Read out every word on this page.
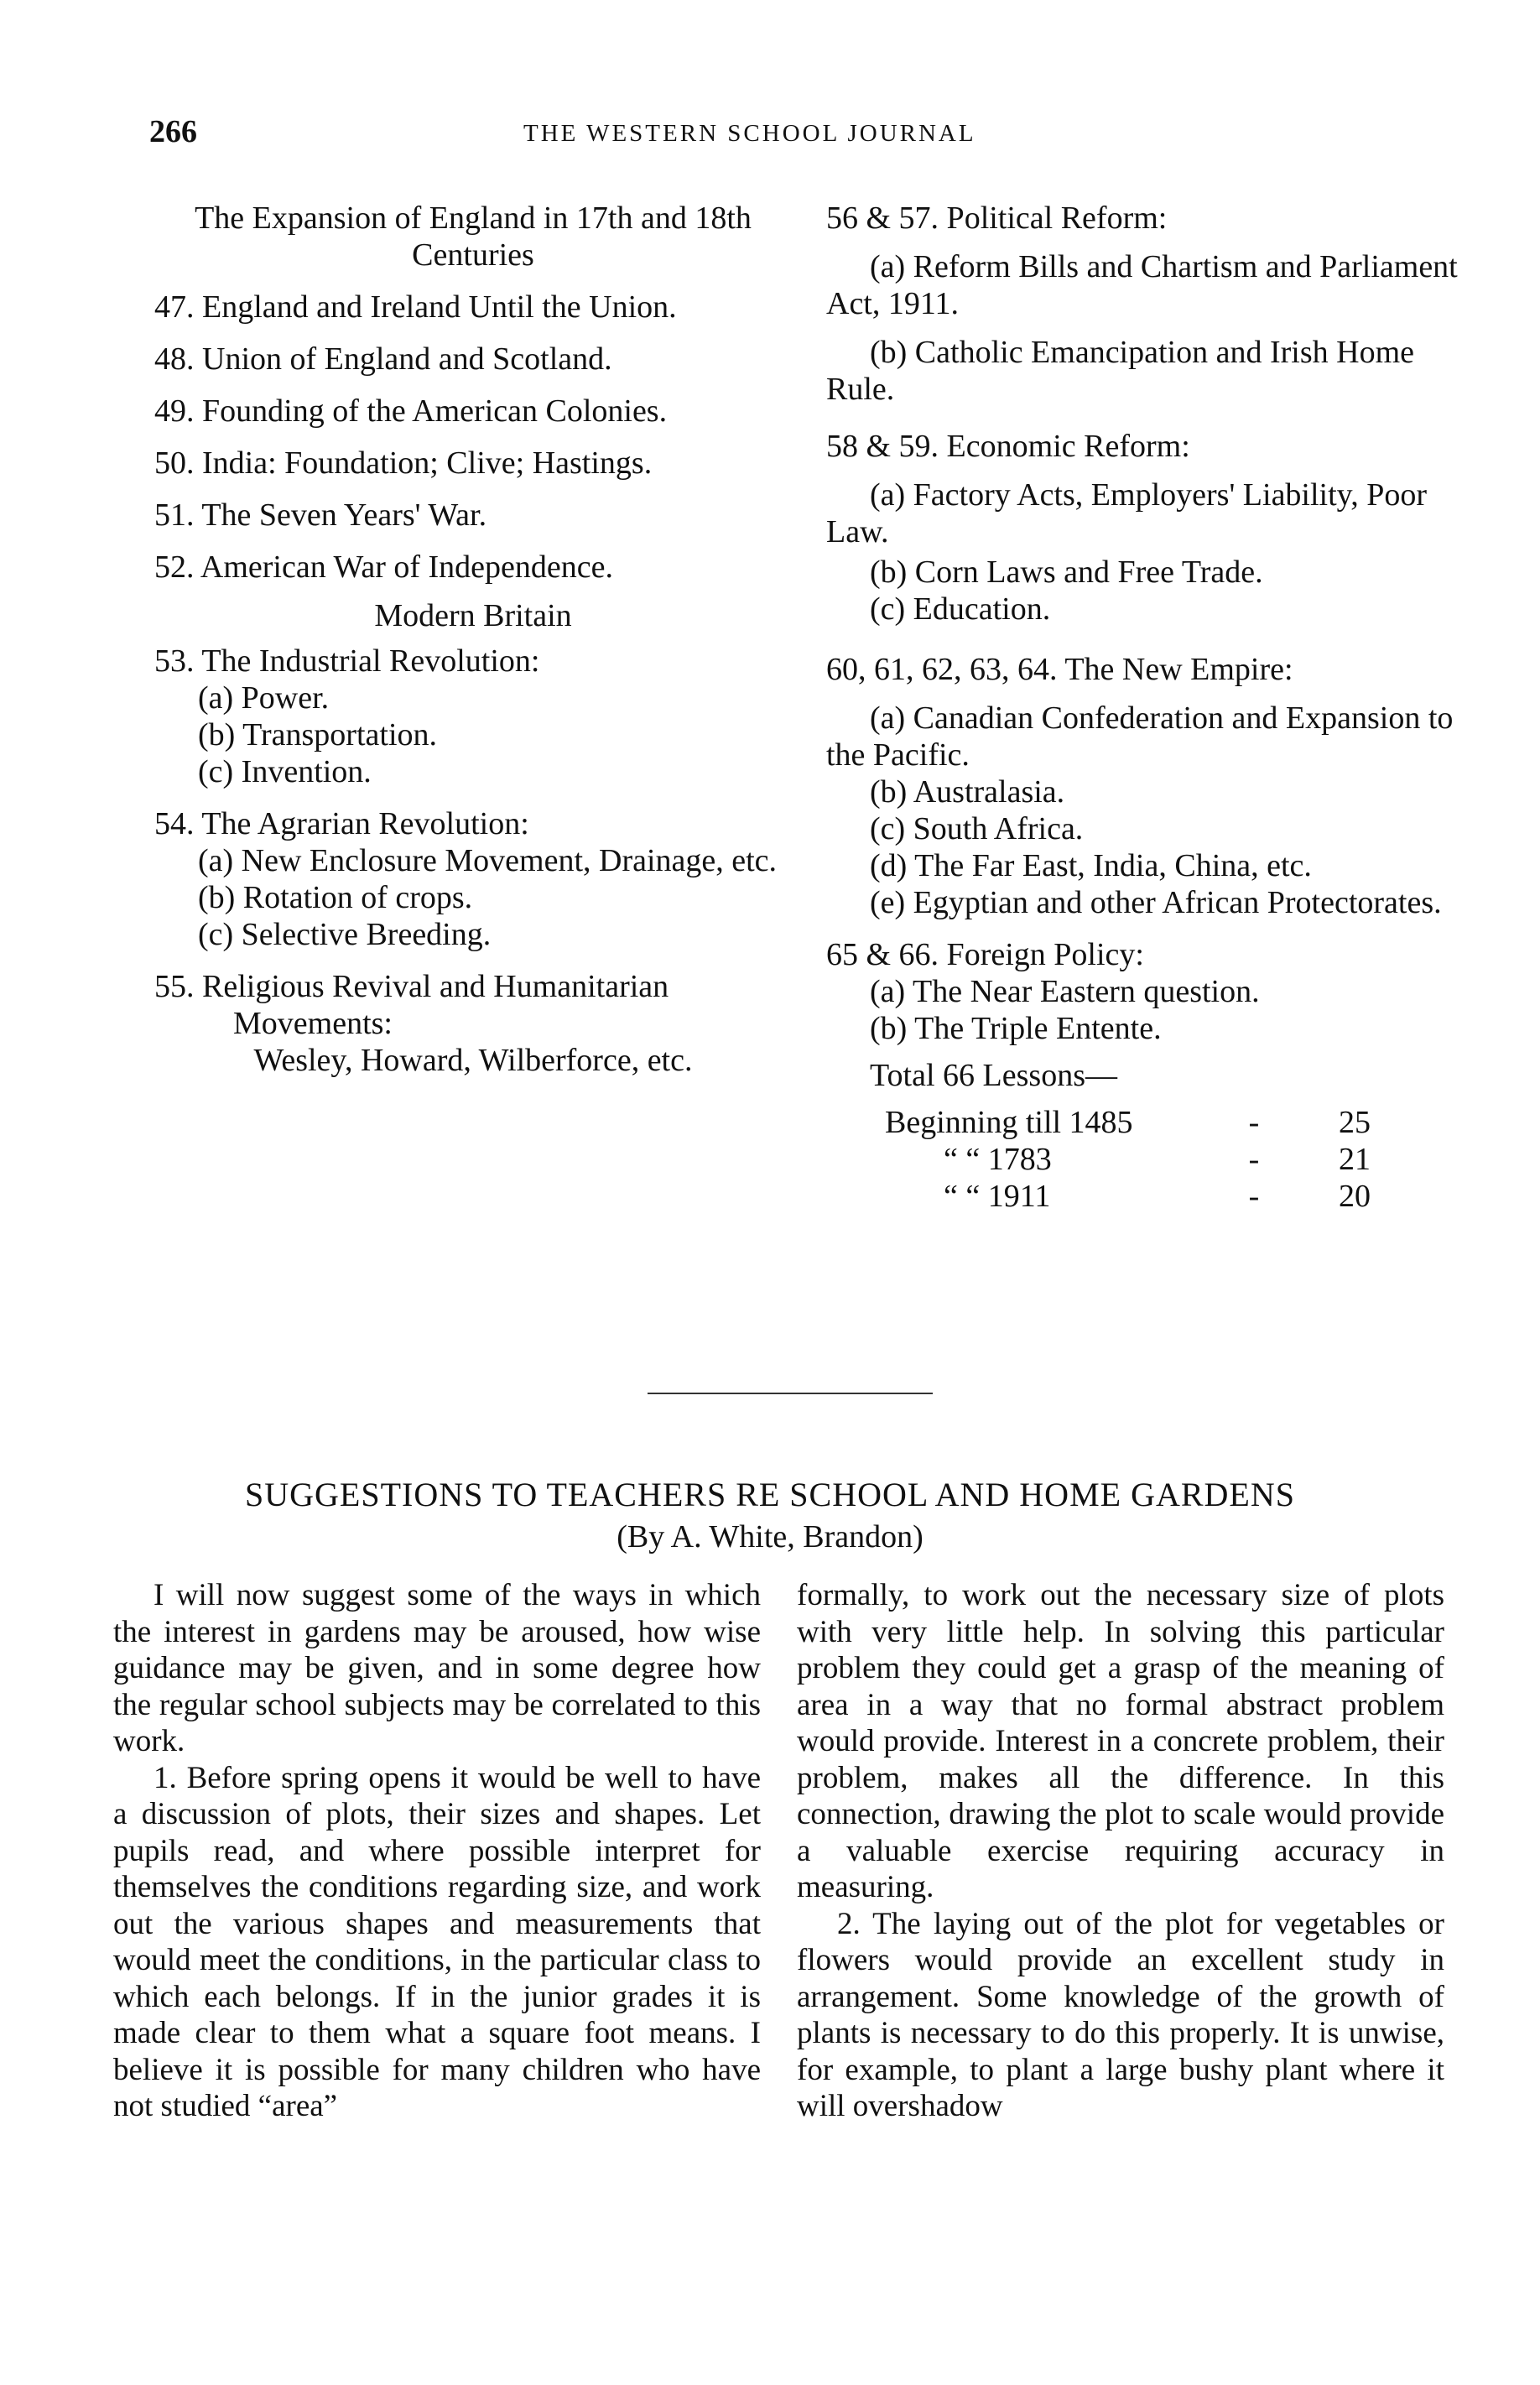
266	THE WESTERN SCHOOL JOURNAL

The Expansion of England in 17th and 18th Centuries

47. England and Ireland Until the Union.

48. Union of England and Scotland.

49. Founding of the American Colonies.

50. India: Foundation; Clive; Hastings.

51. The Seven Years' War.

52. American War of Independence.

Modern Britain

53. The Industrial Revolution:

(a) Power.

(b) Transportation.

(c) Invention.

54. The Agrarian Revolution:

(a) New Enclosure Movement, Drainage, etc.

(b) Rotation of crops.

(c) Selective Breeding.

55. Religious Revival and Humanitarian Movements:

Wesley, Howard, Wilberforce, etc.

56 & 57. Political Reform:

(a) Reform Bills and Chartism and Parliament Act, 1911.

(b) Catholic Emancipation and Irish Home Rule.

58 & 59. Economic Reform:

(a) Factory Acts, Employers' Liability, Poor Law.

(b) Corn Laws and Free Trade.

(c) Education.

60, 61, 62, 63, 64. The New Empire:

(a) Canadian Confederation and Expansion to the Pacific.

(b) Australasia.

(c) South Africa.

(d) The Far East, India, China, etc.

(e) Egyptian and other African Protectorates.

65 & 66. Foreign Policy:

(a) The Near Eastern question.

(b) The Triple Entente.

Total 66 Lessons—

Beginning till 1485	-	25
“ “ 1783	-	21
“ “ 1911	-	20
SUGGESTIONS TO TEACHERS RE SCHOOL AND HOME GARDENS
(By A. White, Brandon)

I will now suggest some of the ways in which the interest in gardens may be aroused, how wise guidance may be given, and in some degree how the regular school subjects may be correlated to this work.

1. Before spring opens it would be well to have a discussion of plots, their sizes and shapes. Let pupils read, and where possible interpret for themselves the conditions regarding size, and work out the various shapes and measurements that would meet the conditions, in the particular class to which each belongs. If in the junior grades it is made clear to them what a square foot means. I believe it is possible for many children who have not studied “area”

formally, to work out the necessary size of plots with very little help. In solving this particular problem they could get a grasp of the meaning of area in a way that no formal abstract problem would provide. Interest in a concrete problem, their problem, makes all the difference. In this connection, drawing the plot to scale would provide a valuable exercise requiring accuracy in measuring.

2. The laying out of the plot for vegetables or flowers would provide an excellent study in arrangement. Some knowledge of the growth of plants is necessary to do this properly. It is unwise, for example, to plant a large bushy plant where it will overshadow
